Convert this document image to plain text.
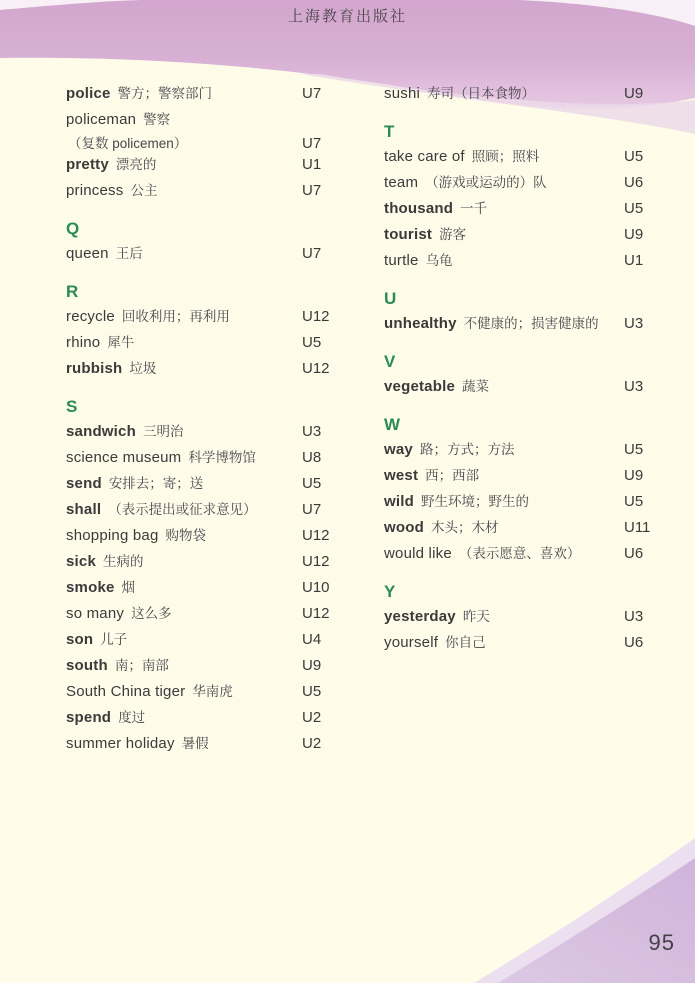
上海教育出版社
police 警方；警察部门	U7
policeman 警察
（复数 policemen）	U7
pretty 漂亮的	U1
princess 公主	U7
Q
queen 王后	U7
R
recycle 回收利用；再利用	U12
rhino 犀牛	U5
rubbish 垃圾	U12
S
sandwich 三明治	U3
science museum 科学博物馆	U8
send 安排去；寄；送	U5
shall （表示提出或征求意见）	U7
shopping bag 购物袋	U12
sick 生病的	U12
smoke 烟	U10
so many 这么多	U12
son 儿子	U4
south 南；南部	U9
South China tiger 华南虎	U5
spend 度过	U2
summer holiday 暑假	U2
sushi 寿司（日本食物）	U9
T
take care of 照顾；照料	U5
team （游戏或运动的）队	U6
thousand 一千	U5
tourist 游客	U9
turtle 乌龟	U1
U
unhealthy 不健康的；损害健康的	U3
V
vegetable 蔬菜	U3
W
way 路；方式；方法	U5
west 西；西部	U9
wild 野生环境；野生的	U5
wood 木头；木材	U11
would like （表示愿意、喜欢）	U6
Y
yesterday 昨天	U3
yourself 你自己	U6
95
